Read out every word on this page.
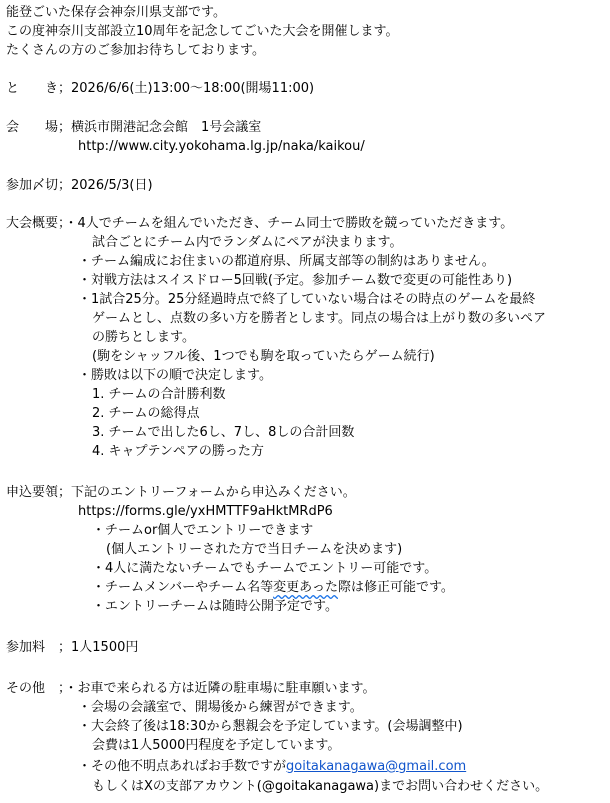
能登ごいた保存会神奈川県支部です。
この度神奈川支部設立10周年を記念してごいた大会を開催します。
たくさんの方のご参加お待ちしております。
と　　き；2026/6/6(土)13:00〜18:00(開場11:00)
会　　場；横浜市開港記念会館　1号会議室
http://www.city.yokohama.lg.jp/naka/kaikou/
参加〆切；2026/5/3(日)
大会概要；・4人でチームを組んでいただき、チーム同士で勝敗を競っていただきます。
試合ごとにチーム内でランダムにペアが決まります。
・チーム編成にお住まいの都道府県、所属支部等の制約はありません。
・対戦方法はスイスドロー5回戦(予定。参加チーム数で変更の可能性あり)
・1試合25分。25分経過時点で終了していない場合はその時点のゲームを最終
ゲームとし、点数の多い方を勝者とします。同点の場合は上がり数の多いペア
の勝ちとします。
(駒をシャッフル後、1つでも駒を取っていたらゲーム続行)
・勝敗は以下の順で決定します。
1. チームの合計勝利数
2. チームの総得点
3. チームで出した6し、7し、8しの合計回数
4. キャプテンペアの勝った方
申込要領；下記のエントリーフォームから申込みください。
https://forms.gle/yxHMTTF9aHktMRdP6
・チームor個人でエントリーできます
(個人エントリーされた方で当日チームを決めます)
・4人に満たないチームでもチームでエントリー可能です。
・チームメンバーやチーム名等変更あった際は修正可能です。
・エントリーチームは随時公開予定です。
参加料　；1人1500円
その他　；・お車で来られる方は近隣の駐車場に駐車願います。
・会場の会議室で、開場後から練習ができます。
・大会終了後は18:30から懇親会を予定しています。(会場調整中)
会費は1人5000円程度を予定しています。
・その他不明点あればお手数ですがgoitakanagawa@gmail.com
もしくはXの支部アカウント(@goitakanagawa)までお問い合わせください。
